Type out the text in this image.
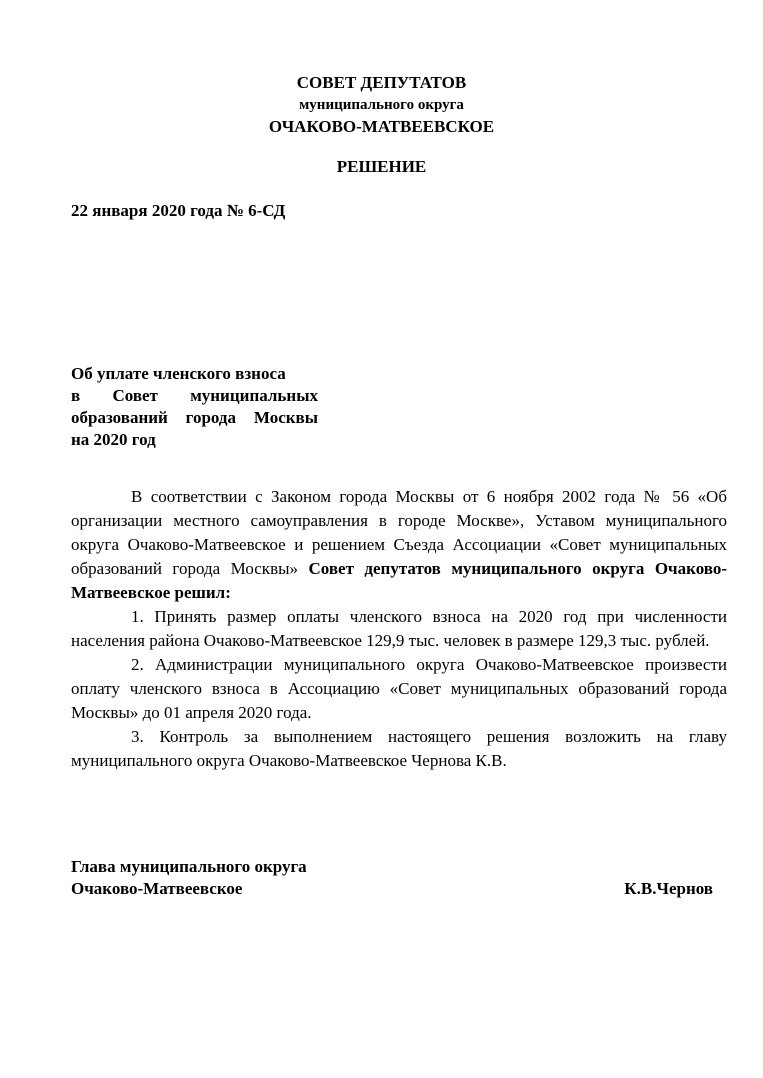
СОВЕТ ДЕПУТАТОВ
муниципального округа
ОЧАКОВО-МАТВЕЕВСКОЕ
РЕШЕНИЕ
22 января 2020 года № 6-СД
Об уплате членского взноса
в Совет муниципальных
образований города Москвы
на 2020 год

В соответствии с Законом города Москвы от 6 ноября 2002 года № 56 «Об организации местного самоуправления в городе Москве», Уставом муниципального округа Очаково-Матвеевское и решением Съезда Ассоциации «Совет муниципальных образований города Москвы» Совет депутатов муниципального округа Очаково-Матвеевское решил:

1. Принять размер оплаты членского взноса на 2020 год при численности населения района Очаково-Матвеевское 129,9 тыс. человек в размере 129,3 тыс. рублей.

2. Администрации муниципального округа Очаково-Матвеевское произвести оплату членского взноса в Ассоциацию «Совет муниципальных образований города Москвы» до 01 апреля 2020 года.

3. Контроль за выполнением настоящего решения возложить на главу муниципального округа Очаково-Матвеевское Чернова К.В.

Глава муниципального округа
Очаково-Матвеевское	К.В.Чернов
